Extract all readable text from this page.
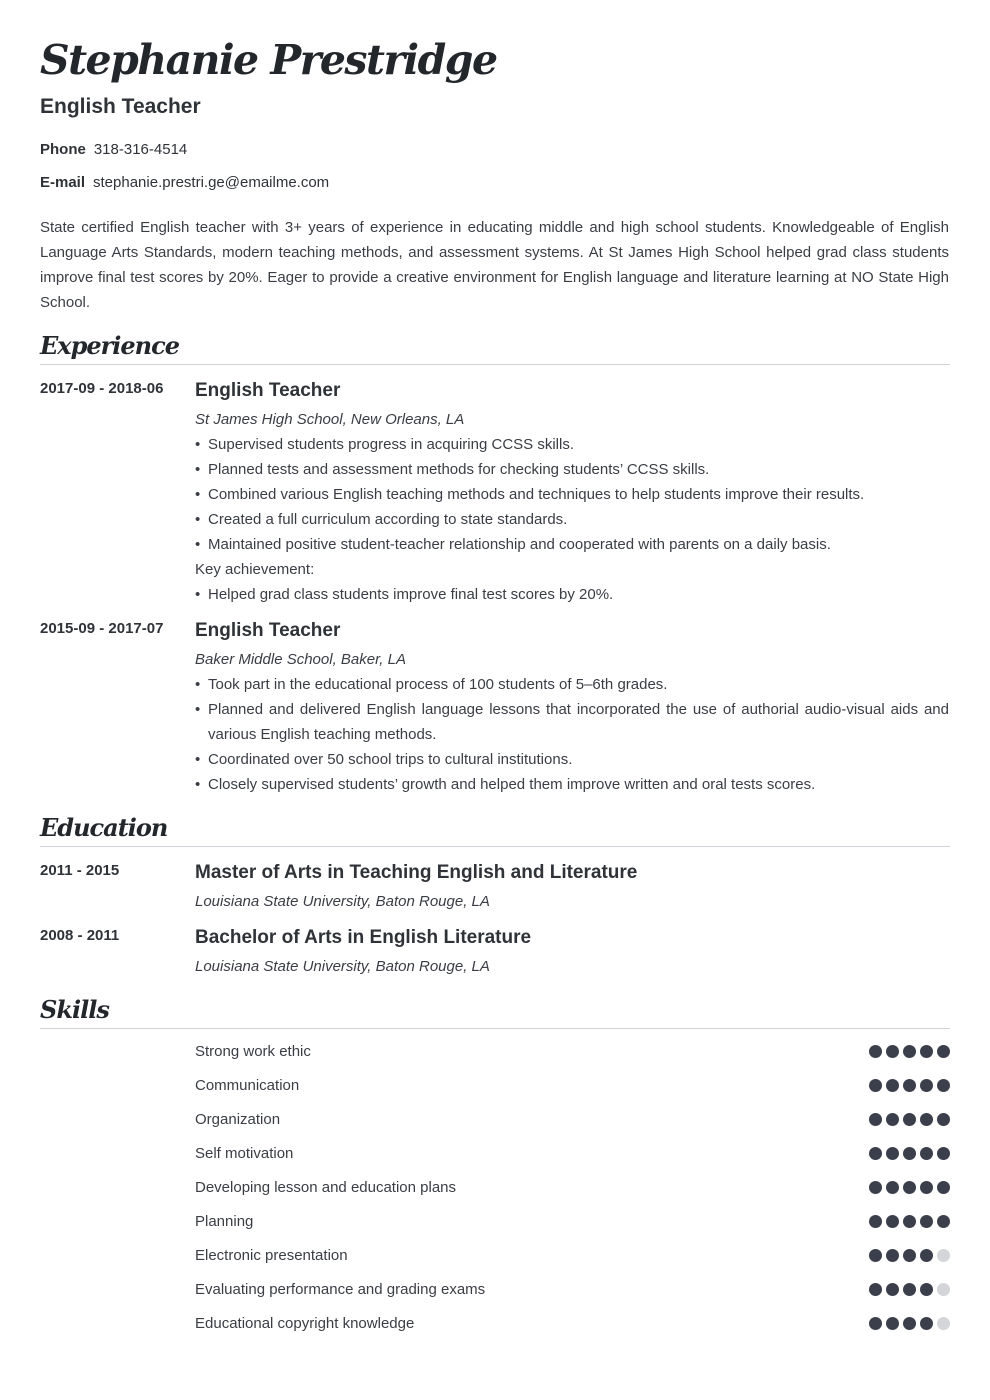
Stephanie Prestridge
English Teacher
Phone 318-316-4514
E-mail stephanie.prestri.ge@emailme.com

State certified English teacher with 3+ years of experience in educating middle and high school students. Knowledgeable of English Language Arts Standards, modern teaching methods, and assessment systems. At St James High School helped grad class students improve final test scores by 20%. Eager to provide a creative environment for English language and literature learning at NO State High School.

Experience
2017-09 - 2018-06 English Teacher
St James High School, New Orleans, LA
• Supervised students progress in acquiring CCSS skills.
• Planned tests and assessment methods for checking students’ CCSS skills.
• Combined various English teaching methods and techniques to help students improve their results.
• Created a full curriculum according to state standards.
• Maintained positive student-teacher relationship and cooperated with parents on a daily basis.
Key achievement:
• Helped grad class students improve final test scores by 20%.
2015-09 - 2017-07 English Teacher
Baker Middle School, Baker, LA
• Took part in the educational process of 100 students of 5–6th grades.
• Planned and delivered English language lessons that incorporated the use of authorial audio-visual aids and various English teaching methods.
• Coordinated over 50 school trips to cultural institutions.
• Closely supervised students’ growth and helped them improve written and oral tests scores.
Education
2011 - 2015	Master of Arts in Teaching English and Literature
Louisiana State University, Baton Rouge, LA
2008 - 2011	Bachelor of Arts in English Literature
Louisiana State University, Baton Rouge, LA
Skills
Strong work ethic
Communication
Organization
Self motivation
Developing lesson and education plans
Planning
Electronic presentation
Evaluating performance and grading exams
Educational copyright knowledge
